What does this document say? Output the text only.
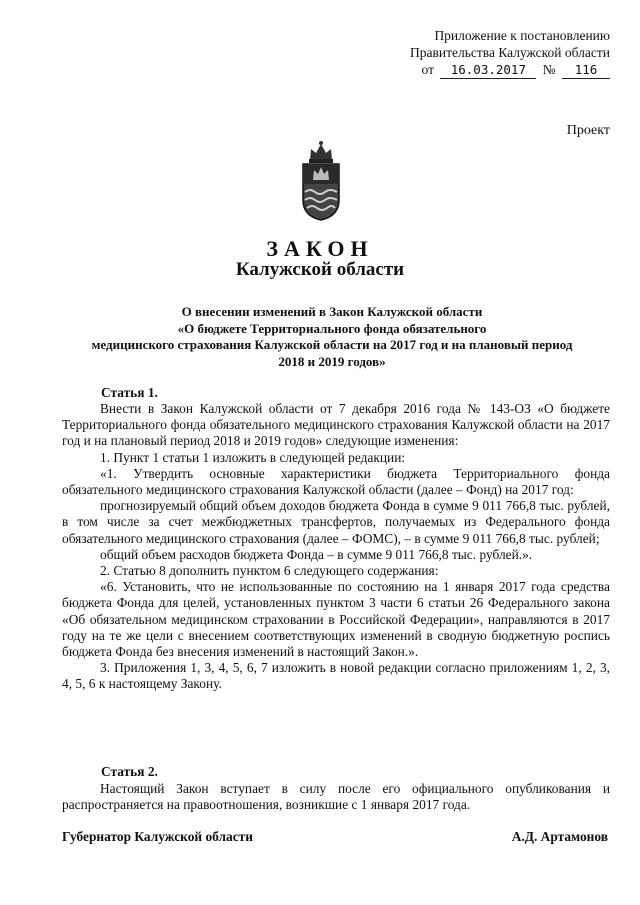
Приложение к постановлению
Правительства Калужской области
от 16.03.2017 № 116
Проект
ЗАКОН
Калужской области
О внесении изменений в Закон Калужской области
«О бюджете Территориального фонда обязательного
медицинского страхования Калужской области на 2017 год и на плановый период
2018 и 2019 годов»
Статья 1.

Внести в Закон Калужской области от 7 декабря 2016 года № 143-ОЗ «О бюджете Территориального фонда обязательного медицинского страхования Калужской области на 2017 год и на плановый период 2018 и 2019 годов» следующие изменения:

1. Пункт 1 статьи 1 изложить в следующей редакции:

«1. Утвердить основные характеристики бюджета Территориального фонда обязательного медицинского страхования Калужской области (далее – Фонд) на 2017 год:

прогнозируемый общий объем доходов бюджета Фонда в сумме 9 011 766,8 тыс. рублей, в том числе за счет межбюджетных трансфертов, получаемых из Федерального фонда обязательного медицинского страхования (далее – ФОМС), – в сумме 9 011 766,8 тыс. рублей;

общий объем расходов бюджета Фонда – в сумме 9 011 766,8 тыс. рублей.».

2. Статью 8 дополнить пунктом 6 следующего содержания:

«6. Установить, что не использованные по состоянию на 1 января 2017 года средства бюджета Фонда для целей, установленных пунктом 3 части 6 статьи 26 Федерального закона «Об обязательном медицинском страховании в Российской Федерации», направляются в 2017 году на те же цели с внесением соответствующих изменений в сводную бюджетную роспись бюджета Фонда без внесения изменений в настоящий Закон.».

3. Приложения 1, 3, 4, 5, 6, 7 изложить в новой редакции согласно приложениям 1, 2, 3, 4, 5, 6 к настоящему Закону.

Статья 2.

Настоящий Закон вступает в силу после его официального опубликования и распространяется на правоотношения, возникшие с 1 января 2017 года.

Губернатор Калужской области	А.Д. Артамонов
